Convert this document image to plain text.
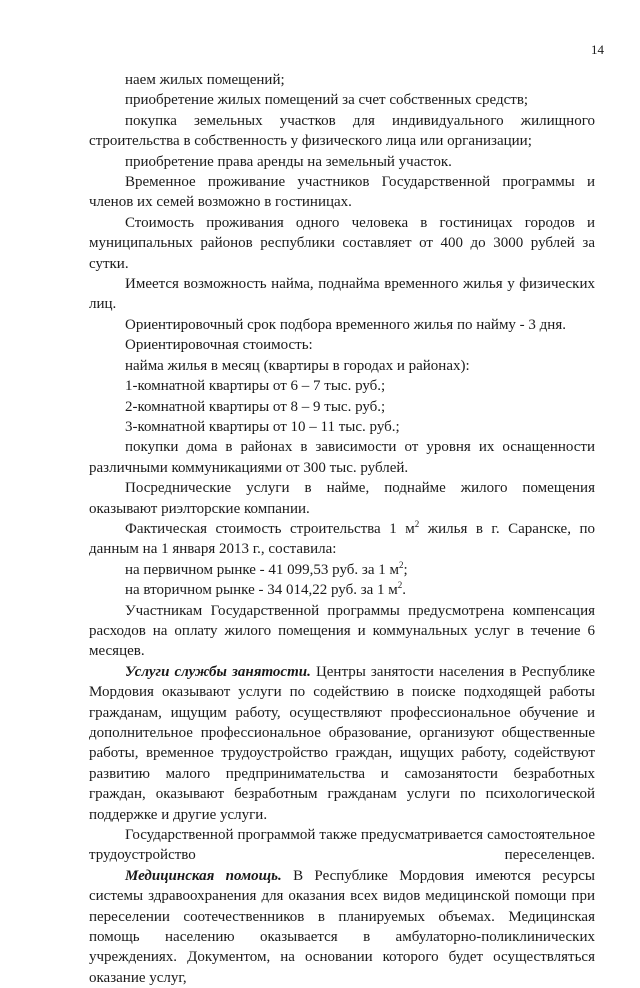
14

наем жилых помещений;

приобретение жилых помещений за счет собственных средств;

покупка земельных участков для индивидуального жилищного строительства в собственность у физического лица или организации;

приобретение права аренды на земельный участок.

Временное проживание участников Государственной программы и членов их семей возможно в гостиницах.

Стоимость проживания одного человека в гостиницах городов и муниципальных районов республики составляет от 400 до 3000 рублей за сутки.

Имеется возможность найма, поднайма временного жилья у физических лиц.

Ориентировочный срок подбора временного жилья по найму - 3 дня.

Ориентировочная стоимость:

найма жилья в месяц (квартиры в городах и районах):

1-комнатной квартиры от 6 – 7 тыс. руб.;

2-комнатной квартиры от 8 – 9 тыс. руб.;

3-комнатной квартиры от 10 – 11 тыс. руб.;

покупки дома в районах в зависимости от уровня их оснащенности различными коммуникациями от 300 тыс. рублей.

Посреднические услуги в найме, поднайме жилого помещения оказывают риэлторские компании.

Фактическая стоимость строительства 1 $м^2$ жилья в г. Саранске, по данным на 1 января 2013 г., составила:

на первичном рынке - 41 099,53 руб. за 1 $м^2$;

на вторичном рынке - 34 014,22 руб. за 1 $м^2$.

Участникам Государственной программы предусмотрена компенсация расходов на оплату жилого помещения и коммунальных услуг в течение 6 месяцев.

Услуги службы занятости. Центры занятости населения в Республике Мордовия оказывают услуги по содействию в поиске подходящей работы гражданам, ищущим работу, осуществляют профессиональное обучение и дополнительное профессиональное образование, организуют общественные работы, временное трудоустройство граждан, ищущих работу, содействуют развитию малого предпринимательства и самозанятости безработных граждан, оказывают безработным гражданам услуги по психологической поддержке и другие услуги.

Государственной программой также предусматривается самостоятельное трудоустройство переселенцев.

Медицинская помощь. В Республике Мордовия имеются ресурсы системы здравоохранения для оказания всех видов медицинской помощи при переселении соотечественников в планируемых объемах. Медицинская помощь населению оказывается в амбулаторно-поликлинических учреждениях. Документом, на основании которого будет осуществляться оказание услуг,
